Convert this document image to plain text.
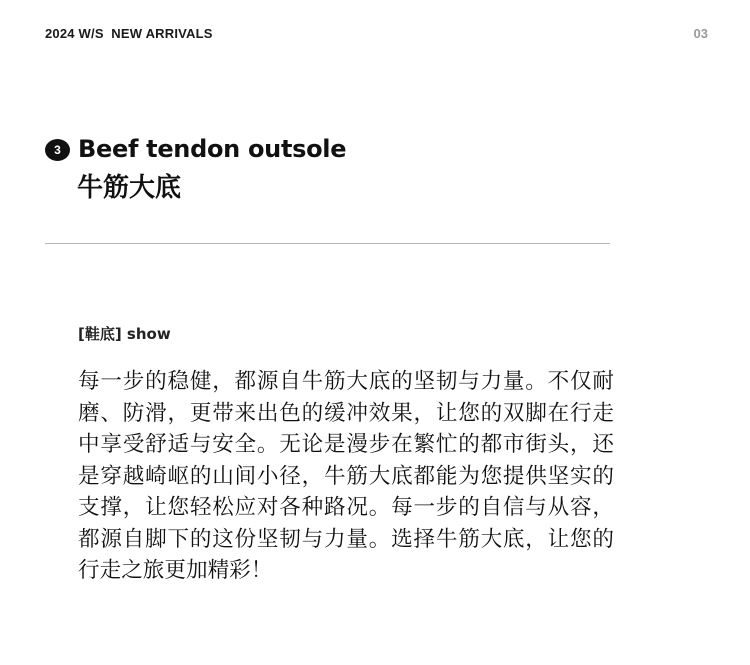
2024 W/S  NEW ARRIVALS	03
3 Beef tendon outsole
牛筋大底
[鞋底] show

每一步的稳健，都源自牛筋大底的坚韧与力量。不仅耐磨、防滑，更带来出色的缓冲效果，让您的双脚在行走中享受舒适与安全。无论是漫步在繁忙的都市街头，还是穿越崎岖的山间小径，牛筋大底都能为您提供坚实的支撑，让您轻松应对各种路况。每一步的自信与从容，都源自脚下的这份坚韧与力量。选择牛筋大底，让您的行走之旅更加精彩！
